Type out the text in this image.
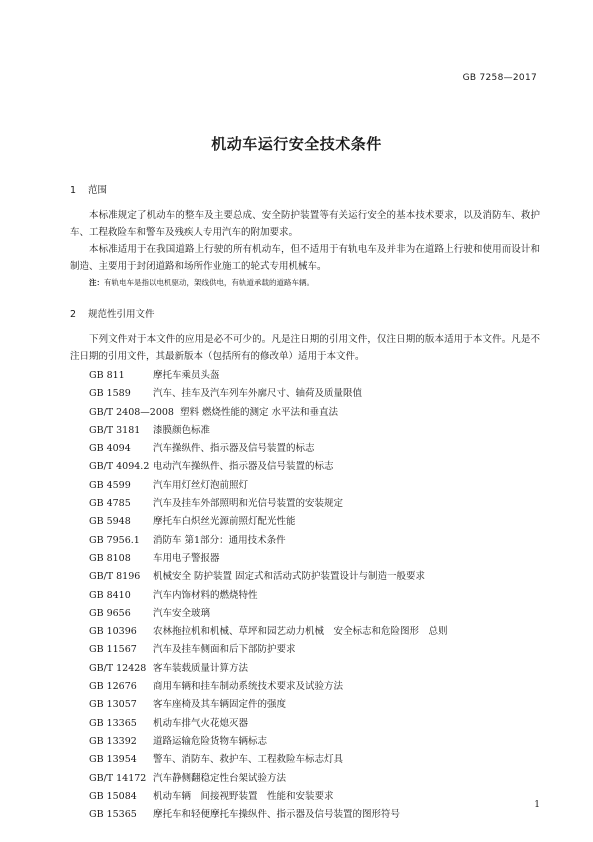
GB 7258—2017
机动车运行安全技术条件
1 范围
本标准规定了机动车的整车及主要总成、安全防护装置等有关运行安全的基本技术要求，以及消防车、救护车、工程救险车和警车及残疾人专用汽车的附加要求。
本标准适用于在我国道路上行驶的所有机动车，但不适用于有轨电车及并非为在道路上行驶和使用而设计和制造、主要用于封闭道路和场所作业施工的轮式专用机械车。
注：有轨电车是指以电机驱动，架线供电，有轨道承载的道路车辆。
2 规范性引用文件
下列文件对于本文件的应用是必不可少的。凡是注日期的引用文件，仅注日期的版本适用于本文件。凡是不注日期的引用文件，其最新版本（包括所有的修改单）适用于本文件。
GB 811	摩托车乘员头盔
GB 1589 汽车、挂车及汽车列车外廓尺寸、轴荷及质量限值
GB/T 2408—2008 塑料 燃烧性能的测定 水平法和垂直法
GB/T 3181 漆膜颜色标准
GB 4094 汽车操纵件、指示器及信号装置的标志
GB/T 4094.2 电动汽车操纵件、指示器及信号装置的标志
GB 4599 汽车用灯丝灯泡前照灯
GB 4785 汽车及挂车外部照明和光信号装置的安装规定
GB 5948 摩托车白炽丝光源前照灯配光性能
GB 7956.1 消防车 第1部分：通用技术条件
GB 8108 车用电子警报器
GB/T 8196 机械安全 防护装置 固定式和活动式防护装置设计与制造一般要求
GB 8410 汽车内饰材料的燃烧特性
GB 9656 汽车安全玻璃
GB 10396 农林拖拉机和机械、草坪和园艺动力机械　安全标志和危险图形　总则
GB 11567 汽车及挂车侧面和后下部防护要求
GB/T 12428 客车装载质量计算方法
GB 12676 商用车辆和挂车制动系统技术要求及试验方法
GB 13057 客车座椅及其车辆固定件的强度
GB 13365 机动车排气火花熄灭器
GB 13392 道路运输危险货物车辆标志
GB 13954 警车、消防车、救护车、工程救险车标志灯具
GB/T 14172 汽车静侧翻稳定性台架试验方法
GB 15084 机动车辆　间接视野装置　性能和安装要求
GB 15365 摩托车和轻便摩托车操纵件、指示器及信号装置的图形符号
1
